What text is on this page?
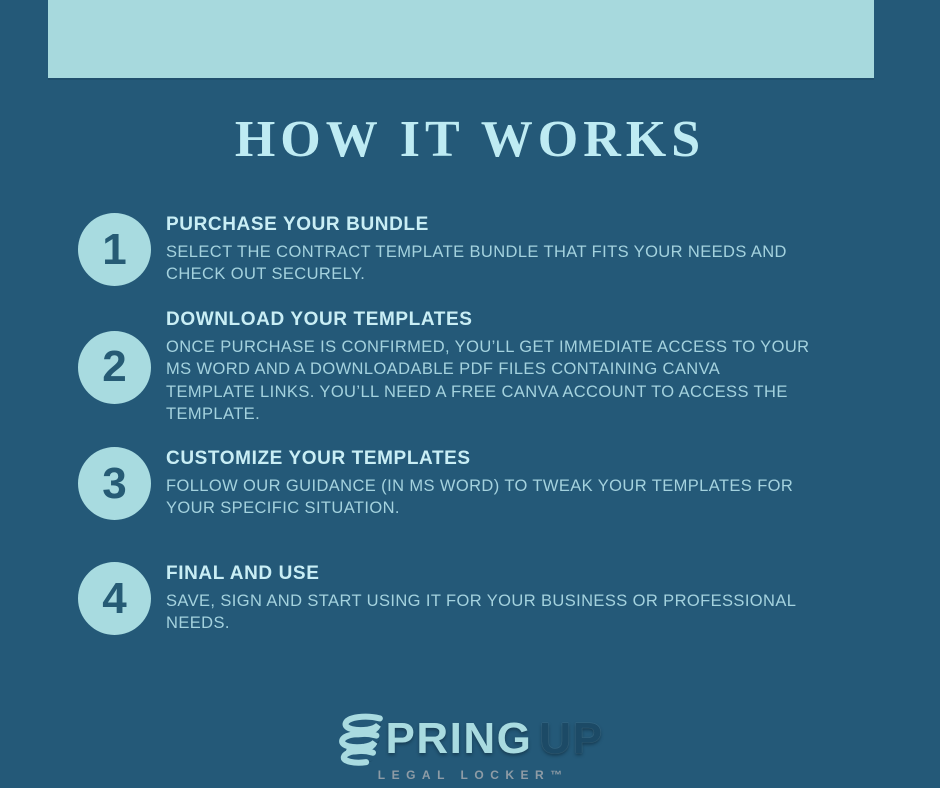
HOW IT WORKS
1
PURCHASE YOUR BUNDLE
SELECT THE CONTRACT TEMPLATE BUNDLE THAT FITS YOUR NEEDS AND
CHECK OUT SECURELY.
2
DOWNLOAD YOUR TEMPLATES
ONCE PURCHASE IS CONFIRMED, YOU’LL GET IMMEDIATE ACCESS TO YOUR
MS WORD AND A DOWNLOADABLE PDF FILES CONTAINING CANVA
TEMPLATE LINKS. YOU’LL NEED A FREE CANVA ACCOUNT TO ACCESS THE
TEMPLATE.
3
CUSTOMIZE YOUR TEMPLATES
FOLLOW OUR GUIDANCE (IN MS WORD) TO TWEAK YOUR TEMPLATES FOR
YOUR SPECIFIC SITUATION.
4
FINAL AND USE
SAVE, SIGN AND START USING IT FOR YOUR BUSINESS OR PROFESSIONAL
NEEDS.
PRING UP
LEGAL LOCKER™
